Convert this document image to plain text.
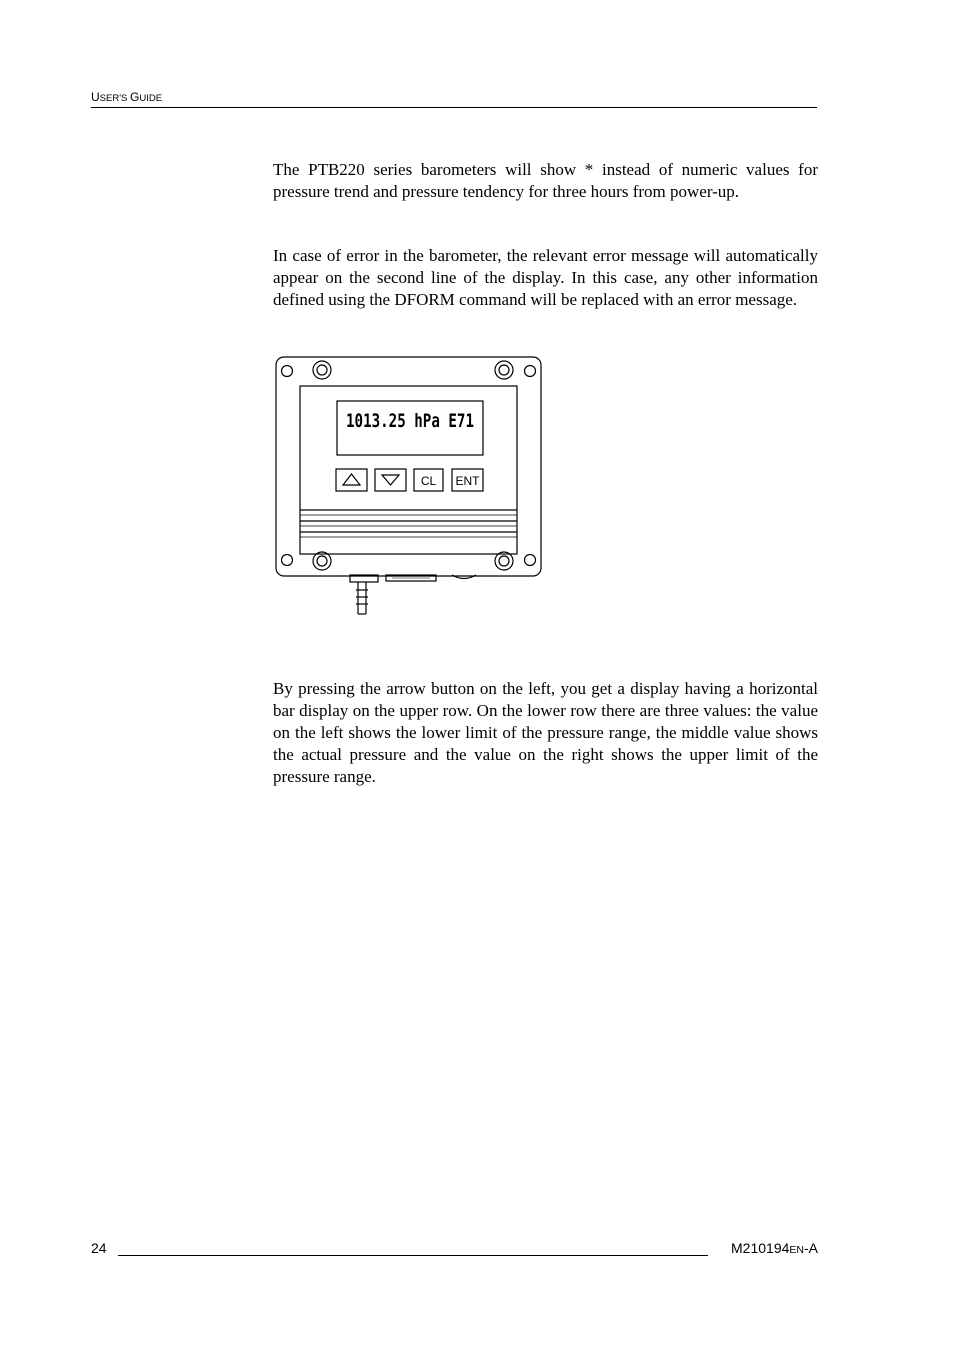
USER'S GUIDE

The PTB220 series barometers will show * instead of numeric values for pressure trend and pressure tendency for three hours from power-up.

In case of error in the barometer, the relevant error message will automatically appear on the second line of the display. In this case, any other information defined using the DFORM command will be replaced with an error message.

1013.25 hPa E71
CL ENT

By pressing the arrow button on the left, you get a display having a horizontal bar display on the upper row. On the lower row there are three values: the value on the left shows the lower limit of the pressure range, the middle value shows the actual pressure and the value on the right shows the upper limit of the pressure range.

24	M210194EN-A
